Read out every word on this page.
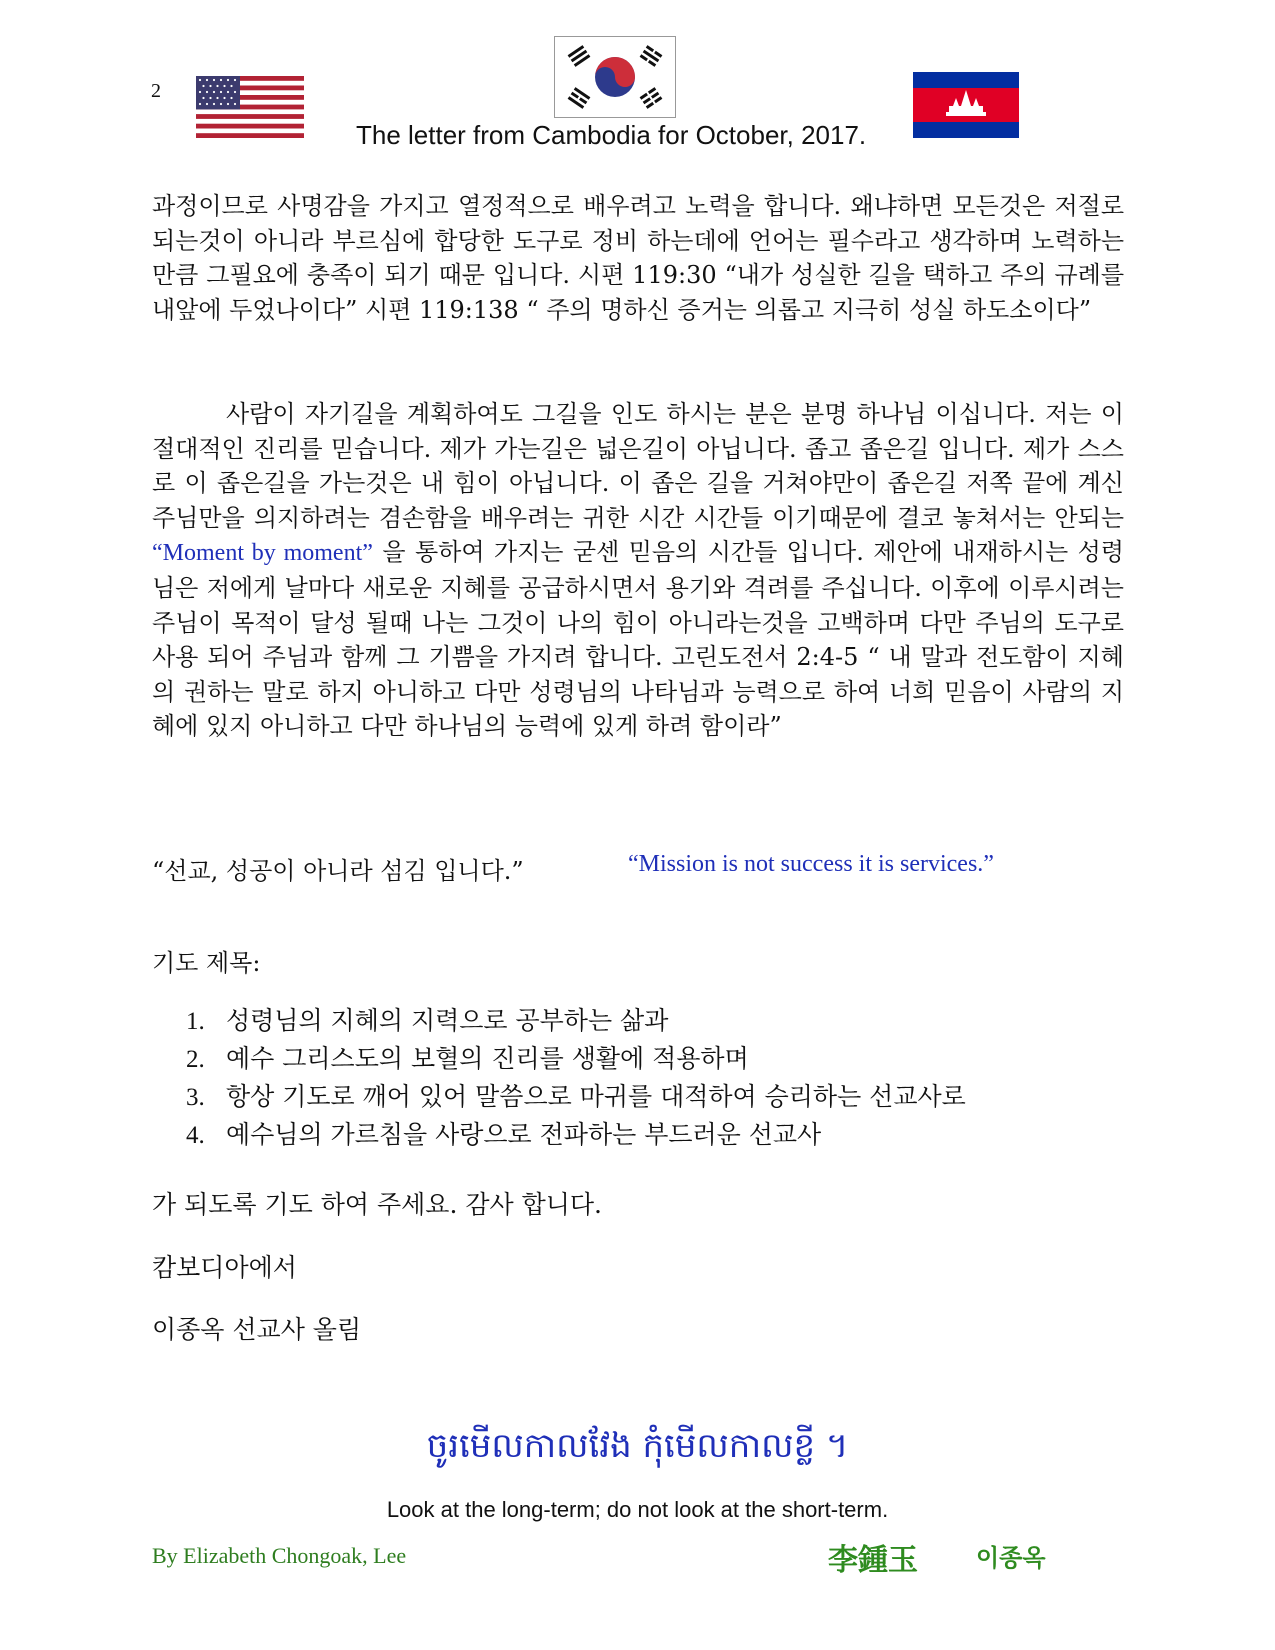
2
The letter from Cambodia for October, 2017.
과정이므로 사명감을 가지고 열정적으로 배우려고 노력을 합니다. 왜냐하면 모든것은 저절로 되는것이 아니라 부르심에 합당한 도구로 정비 하는데에 언어는 필수라고 생각하며 노력하는 만큼 그필요에 충족이 되기 때문 입니다. 시편 119:30 “내가 성실한 길을 택하고 주의 규례를 내앞에 두었나이다” 시편 119:138 “ 주의 명하신 증거는 의롭고 지극히 성실 하도소이다”
사람이 자기길을 계획하여도 그길을 인도 하시는 분은 분명 하나님 이십니다. 저는 이 절대적인 진리를 믿습니다. 제가 가는길은 넓은길이 아닙니다. 좁고 좁은길 입니다. 제가 스스로 이 좁은길을 가는것은 내 힘이 아닙니다. 이 좁은 길을 거쳐야만이 좁은길 저쪽 끝에 계신 주님만을 의지하려는 겸손함을 배우려는 귀한 시간 시간들 이기때문에 결코 놓쳐서는 안되는 “Moment by moment” 을 통하여 가지는 굳센 믿음의 시간들 입니다. 제안에 내재하시는 성령님은 저에게 날마다 새로운 지혜를 공급하시면서 용기와 격려를 주십니다. 이후에 이루시려는 주님이 목적이 달성 될때 나는 그것이 나의 힘이 아니라는것을 고백하며 다만 주님의 도구로 사용 되어 주님과 함께 그 기쁨을 가지려 합니다. 고린도전서 2:4-5 “ 내 말과 전도함이 지혜의 권하는 말로 하지 아니하고 다만 성령님의 나타님과 능력으로 하여 너희 믿음이 사람의 지혜에 있지 아니하고 다만 하나님의 능력에 있게 하려 함이라”
“선교, 성공이 아니라 섬김 입니다.”	“Mission is not success it is services.”
기도 제목:
1. 성령님의 지혜의 지력으로 공부하는 삶과
2. 예수 그리스도의 보혈의 진리를 생활에 적용하며
3. 항상 기도로 깨어 있어 말씀으로 마귀를 대적하여 승리하는 선교사로
4. 예수님의 가르침을 사랑으로 전파하는 부드러운 선교사
가 되도록 기도 하여 주세요. 감사 합니다.
캄보디아에서
이종옥 선교사 올림
ចូរមើលកាលវែង កុំមើលកាលខ្លី ។
Look at the long-term; do not look at the short-term.
By Elizabeth Chongoak, Lee	李鍾玉 이종옥
